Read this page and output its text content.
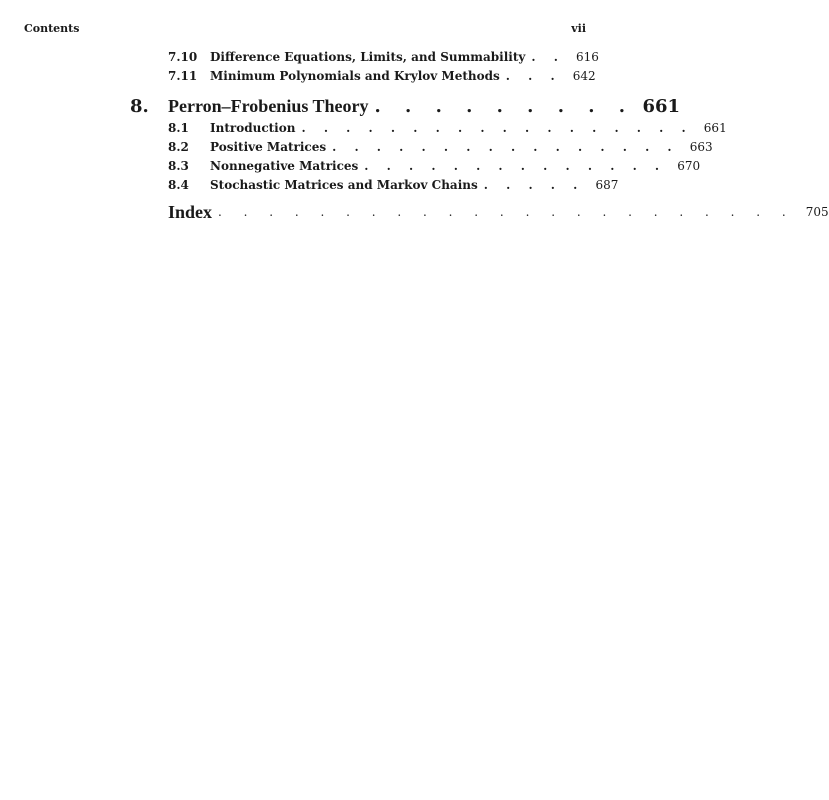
Contents	vii
7.10	Difference Equations, Limits, and Summability . . 616
7.11	Minimum Polynomials and Krylov Methods . . . 642
8.	Perron–Frobenius Theory . . . . . . . . . 661
8.1	Introduction . . . . . . . . . . . . . . . . . . 661
8.2	Positive Matrices . . . . . . . . . . . . . . . . 663
8.3	Nonnegative Matrices . . . . . . . . . . . . . . 670
8.4	Stochastic Matrices and Markov Chains . . . . . 687
Index . . . . . . . . . . . . . . . . . . . . . . . 705
